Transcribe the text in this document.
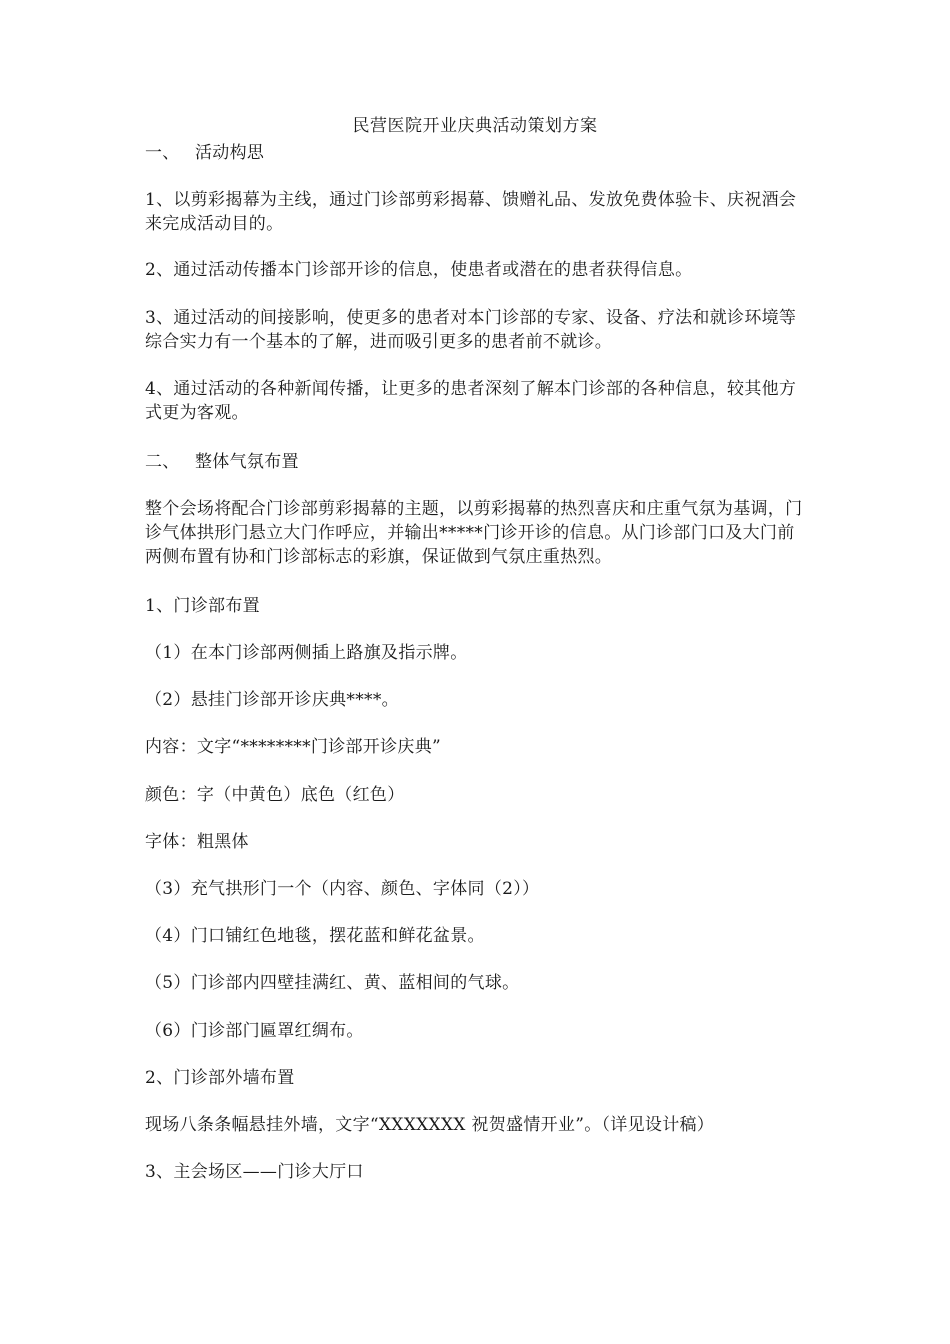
民营医院开业庆典活动策划方案
一、 活动构思
1、以剪彩揭幕为主线，通过门诊部剪彩揭幕、馈赠礼品、发放免费体验卡、庆祝酒会来完成活动目的。
2、通过活动传播本门诊部开诊的信息，使患者或潜在的患者获得信息。
3、通过活动的间接影响，使更多的患者对本门诊部的专家、设备、疗法和就诊环境等综合实力有一个基本的了解，进而吸引更多的患者前不就诊。
4、通过活动的各种新闻传播，让更多的患者深刻了解本门诊部的各种信息，较其他方式更为客观。
二、 整体气氛布置
整个会场将配合门诊部剪彩揭幕的主题，以剪彩揭幕的热烈喜庆和庄重气氛为基调，门诊气体拱形门悬立大门作呼应，并输出*****门诊开诊的信息。从门诊部门口及大门前两侧布置有协和门诊部标志的彩旗，保证做到气氛庄重热烈。
1、门诊部布置
（1）在本门诊部两侧插上路旗及指示牌。
（2）悬挂门诊部开诊庆典****。
内容：文字“********门诊部开诊庆典”
颜色：字（中黄色）底色（红色）
字体：粗黑体
（3）充气拱形门一个（内容、颜色、字体同（2））
（4）门口铺红色地毯，摆花蓝和鲜花盆景。
（5）门诊部内四壁挂满红、黄、蓝相间的气球。
（6）门诊部门匾罩红绸布。
2、门诊部外墙布置
现场八条条幅悬挂外墙，文字“XXXXXXX 祝贺盛情开业”。（详见设计稿）
3、主会场区——门诊大厅口
